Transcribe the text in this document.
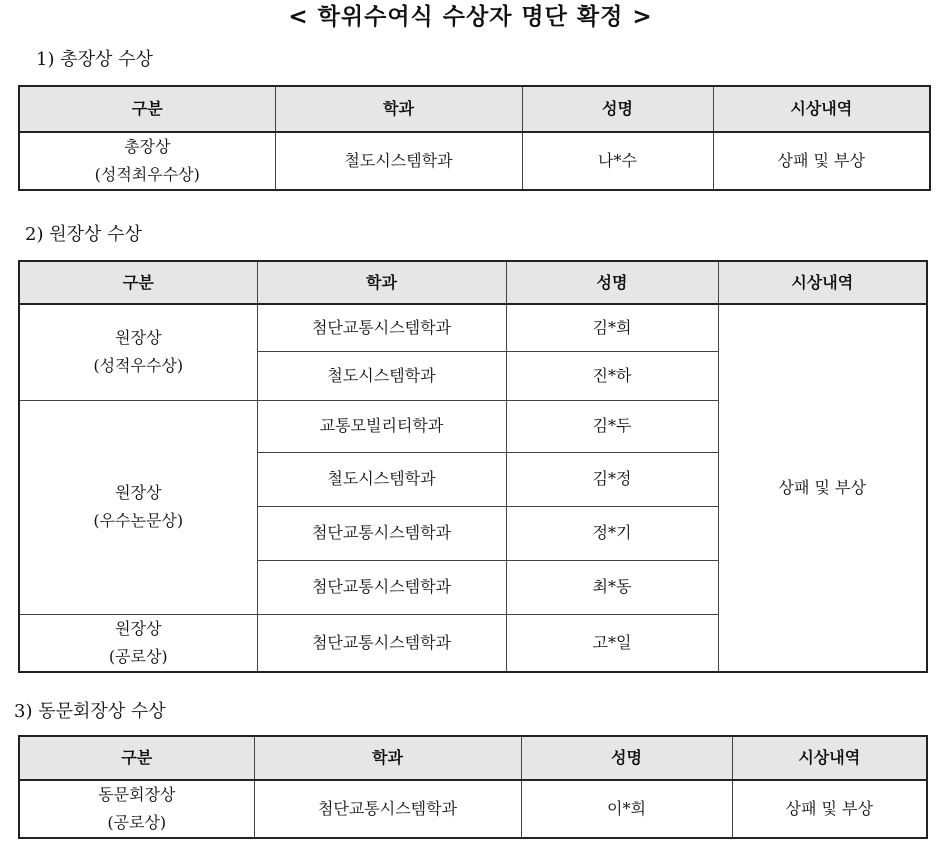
< 학위수여식 수상자 명단 확정 >
1) 총장상 수상
구분	학과	성명	시상내역

총장상
(성적최우수상)	철도시스템학과	나*수	상패 및 부상
2) 원장상 수상
구분	학과	성명	시상내역

원장상
(성적우수상)	첨단교통시스템학과	김*희	상패 및 부상
	철도시스템학과	진*하	

원장상
(우수논문상)	교통모빌리티학과	김*두	
	철도시스템학과	김*정	
	첨단교통시스템학과	정*기	
	첨단교통시스템학과	최*동	

원장상
(공로상)	첨단교통시스템학과	고*일	
3) 동문회장상 수상
구분	학과	성명	시상내역

동문회장상
(공로상)	첨단교통시스템학과	이*희	상패 및 부상
